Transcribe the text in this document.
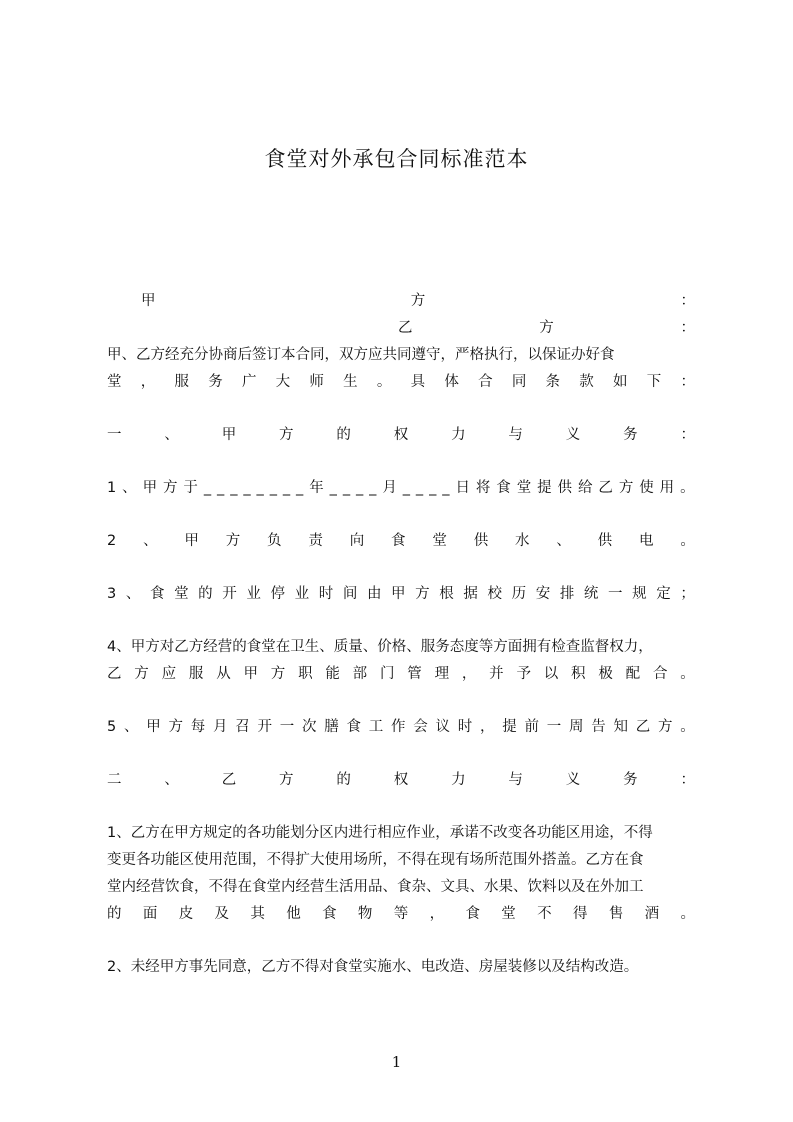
食堂对外承包合同标准范本
甲	方	：
乙	方	：
甲、乙方经充分协商后签订本合同，双方应共同遵守，严格执行，以保证办好食
堂 ， 服 务 广 大 师 生 。 具 体 合 同 条 款 如 下 ：
一	、	甲	方	的	权	力	与	义	务	：
1 、 甲 方 于 _ _ _ _ _ _ _ _ 年 _ _ _ _ 月 _ _ _ _ 日 将 食 堂 提 供 给 乙 方 使 用 。
2 、 甲 方 负 责 向 食 堂 供 水 、 供 电 。
3 、 食 堂 的 开 业 停 业 时 间 由 甲 方 根 据 校 历 安 排 统 一 规 定 ；
4、甲方对乙方经营的食堂在卫生、质量、价格、服务态度等方面拥有检查监督权力，
乙 方 应 服 从 甲 方 职 能 部 门 管 理 ， 并 予 以 积 极 配 合 。
5 、 甲 方 每 月 召 开 一 次 膳 食 工 作 会 议 时 ， 提 前 一 周 告 知 乙 方 。
二	、	乙	方	的	权	力	与	义	务	：
1、乙方在甲方规定的各功能划分区内进行相应作业，承诺不改变各功能区用途，不得
变更各功能区使用范围，不得扩大使用场所，不得在现有场所范围外搭盖。乙方在食
堂内经营饮食，不得在食堂内经营生活用品、食杂、文具、水果、饮料以及在外加工
的 面 皮 及 其 他 食 物 等 ， 食 堂 不 得 售 酒 。
2、未经甲方事先同意，乙方不得对食堂实施水、电改造、房屋装修以及结构改造。
1
